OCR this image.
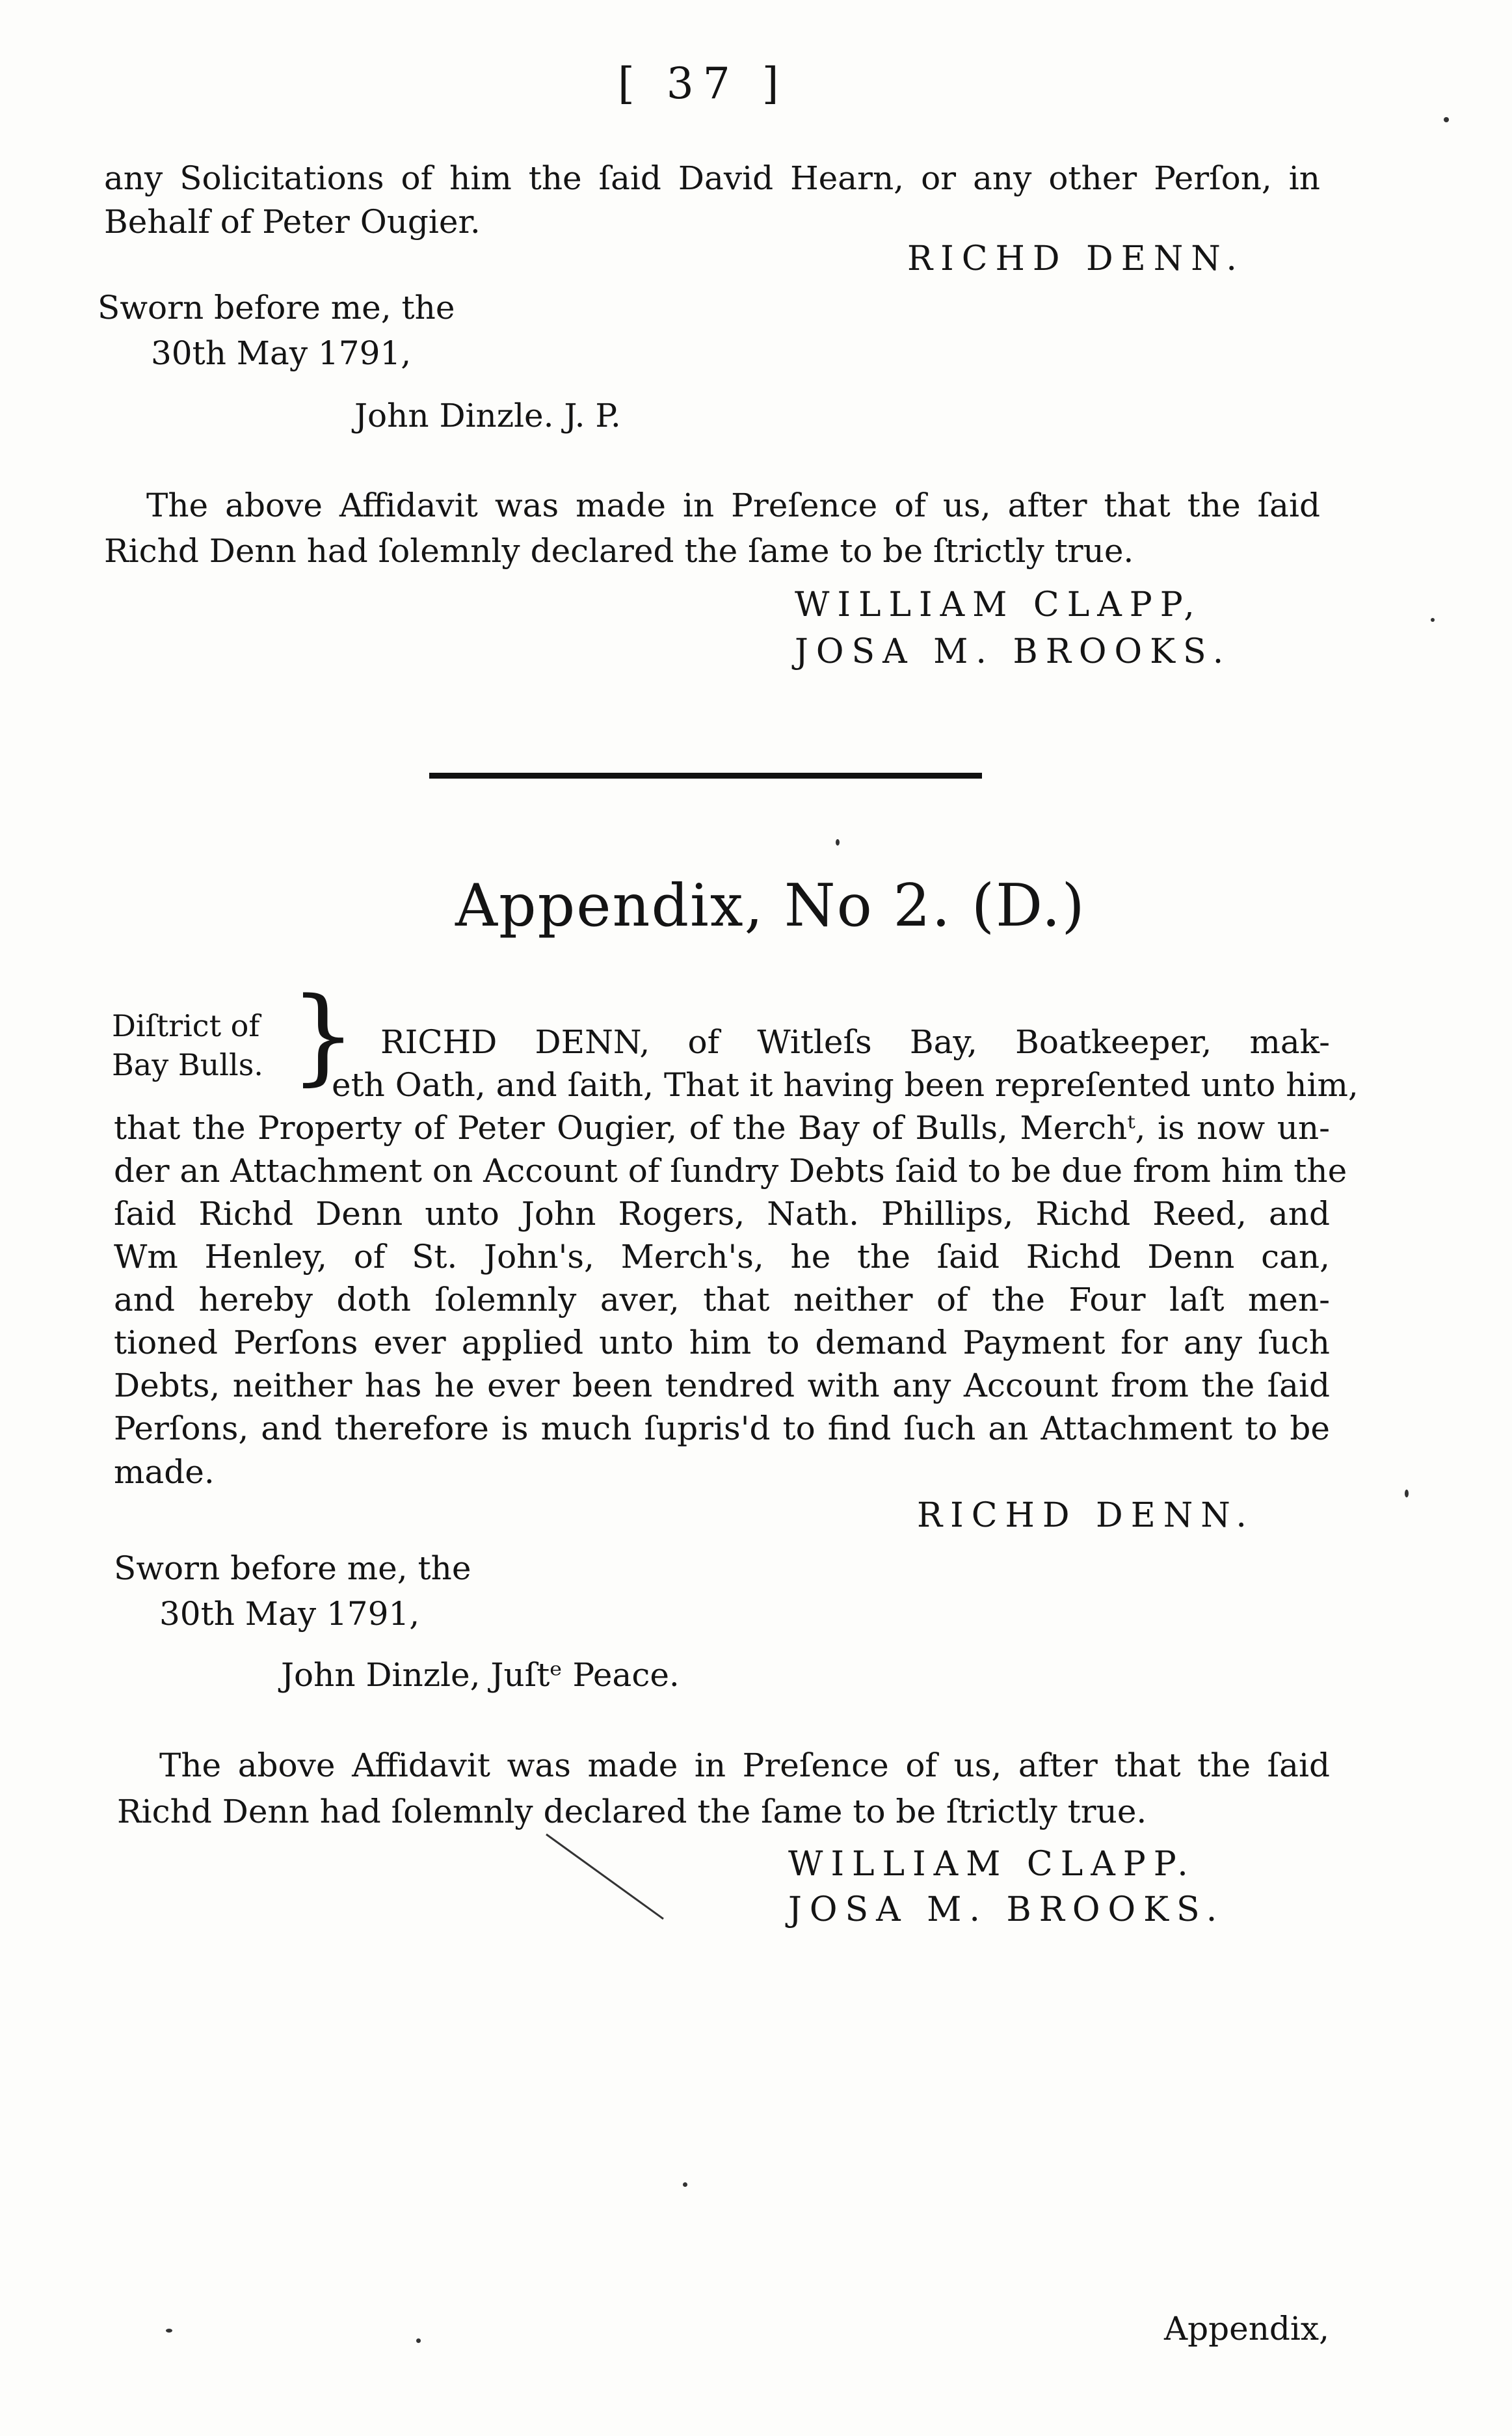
[ 37 ]
any Solicitations of him the ſaid David Hearn, or any other Perſon, in
Behalf of Peter Ougier.
RICHD DENN.
Sworn before me, the
30th May 1791,
John Dinzle. J. P.
The above Affidavit was made in Preſence of us, after that the ſaid
Richd Denn had ſolemnly declared the ſame to be ſtrictly true.
WILLIAM CLAPP,
JOSA M. BROOKS.
Appendix, No 2. (D.)
Diſtrict of
Bay Bulls. } RICHD DENN, of Witleſs Bay, Boatkeeper, mak-
eth Oath, and ſaith, That it having been repreſented unto him,
that the Property of Peter Ougier, of the Bay of Bulls, Merchᵗ, is now un-
der an Attachment on Account of ſundry Debts ſaid to be due from him the
ſaid Richd Denn unto John Rogers, Nath. Phillips, Richd Reed, and
Wm Henley, of St. John's, Merch's, he the ſaid Richd Denn can,
and hereby doth ſolemnly aver, that neither of the Four laſt men-
tioned Perſons ever applied unto him to demand Payment for any ſuch
Debts, neither has he ever been tendred with any Account from the ſaid
Perſons, and therefore is much ſupris'd to find ſuch an Attachment to be
made.
RICHD DENN.
Sworn before me, the
30th May 1791,
John Dinzle, Juſtᵉ Peace.
The above Affidavit was made in Preſence of us, after that the ſaid
Richd Denn had ſolemnly declared the ſame to be ſtrictly true.
WILLIAM CLAPP.
JOSA M. BROOKS.
Appendix,
